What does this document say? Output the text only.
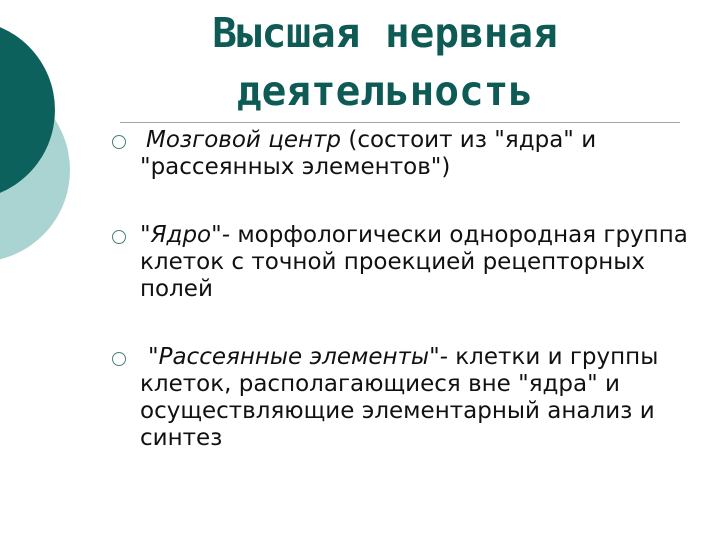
Высшая нервная
деятельность

Мозговой центр (состоит из "ядра" и "рассеянных элементов")

"Ядро"- морфологически однородная группа клеток с точной проекцией рецепторных полей

"Рассеянные элементы"- клетки и группы клеток, располагающиеся вне "ядра" и осуществляющие элементарный анализ и синтез
